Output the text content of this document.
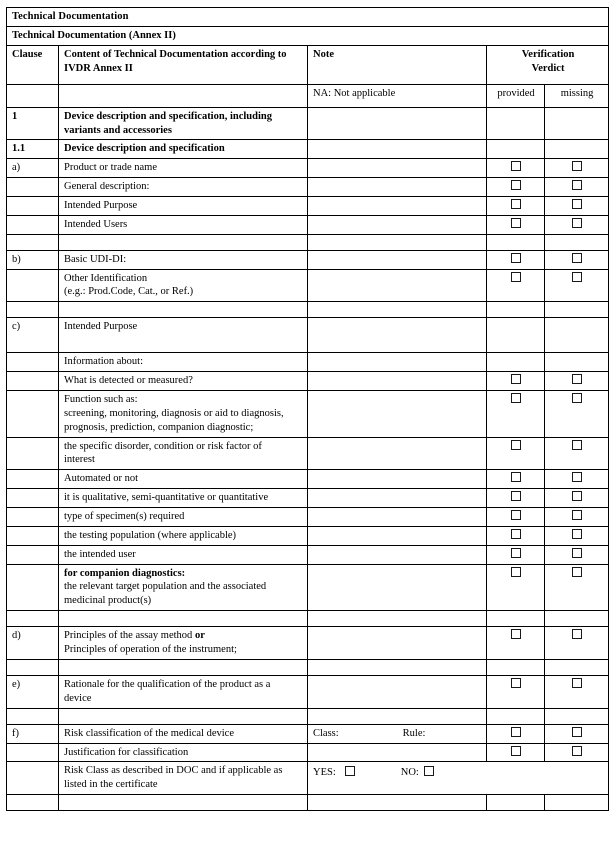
Technical Documentation				
Technical Documentation (Annex II)				
Clause	Content of Technical Documentation according to
IVDR Annex II	Note	Verification
Verdict	

		NA: Not applicable	provided	missing
1	Device description and specification, including
variants and accessories			

1.1	Device description and specification			

a)	Product or trade name			

	General description:			

	Intended Purpose			

	Intended Users			

b)	Basic UDI-DI:			

	Other Identification
(e.g.: Prod.Code, Cat., or Ref.)			

c)	Intended Purpose			

	Information about:			

	What is detected or measured?			

	Function such as:
screening, monitoring, diagnosis or aid to diagnosis,
prognosis, prediction, companion diagnostic;			

	the specific disorder, condition or risk factor of
interest			

	Automated or not			

	it is qualitative, semi-quantitative or quantitative			

	type of specimen(s) required			

	the testing population (where applicable)			

	the intended user			

	for companion diagnostics:
the relevant target population and the associated
medicinal product(s)			

d)	Principles of the assay method or
Principles of operation of the instrument;			

e)	Rationale for the qualification of the product as a
device			

f)	Risk classification of the medical device	Class: Rule:		

	Justification for classification			

	Risk Class as described in DOC and if applicable as
listed in the certificate	YES: NO:		
